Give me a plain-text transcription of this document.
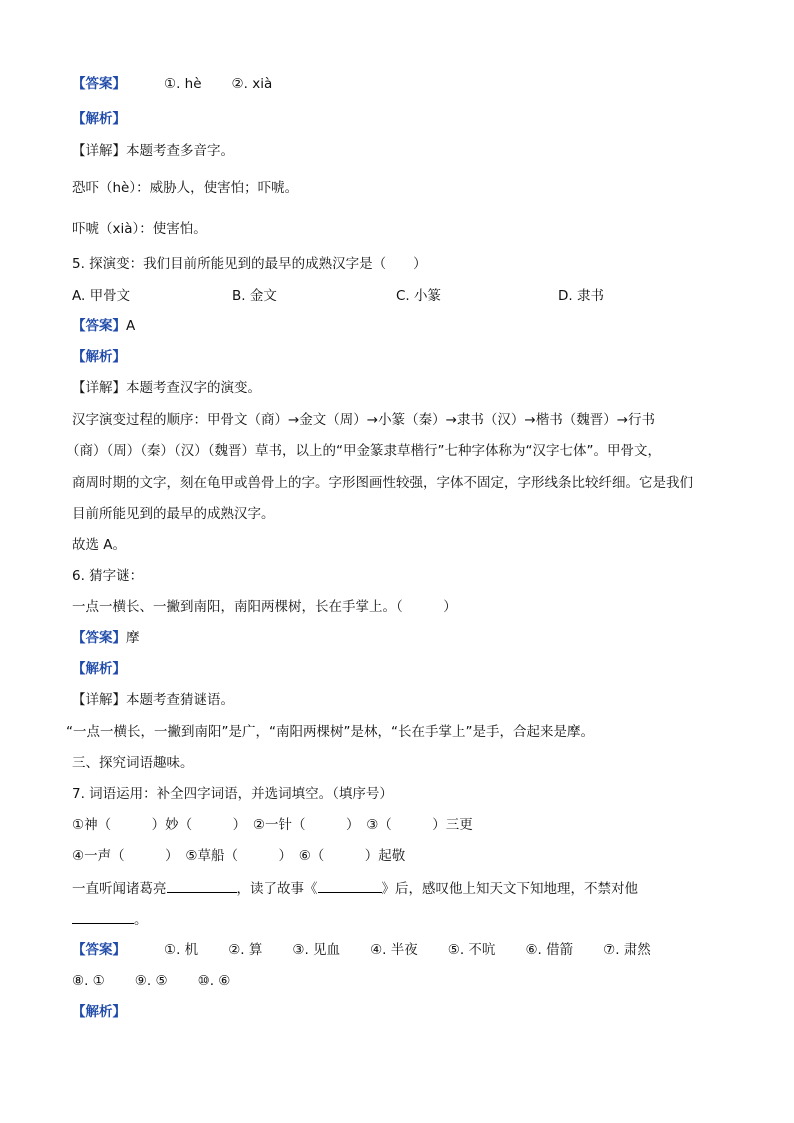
【答案】	①. hè ②. xià
【解析】
【详解】本题考查多音字。
恐吓（hè）：威胁人，使害怕；吓唬。
吓唬（xià）：使害怕。
5. 探演变：我们目前所能见到的最早的成熟汉字是（　　）
A. 甲骨文	B. 金文	C. 小篆	D. 隶书
【答案】A
【解析】
【详解】本题考查汉字的演变。
汉字演变过程的顺序：甲骨文（商）→金文（周）→小篆（秦）→隶书（汉）→楷书（魏晋）→行书
（商）（周）（秦）（汉）（魏晋）草书，以上的“甲金篆隶草楷行”七种字体称为“汉字七体”。甲骨文，
商周时期的文字，刻在龟甲或兽骨上的字。字形图画性较强，字体不固定，字形线条比较纤细。它是我们
目前所能见到的最早的成熟汉字。
故选 A。
6. 猜字谜：
一点一横长、一撇到南阳，南阳两棵树，长在手掌上。（　　　）
【答案】摩
【解析】
【详解】本题考查猜谜语。
“一点一横长，一撇到南阳”是广，“南阳两棵树”是林，“长在手掌上”是手，合起来是摩。
三、探究词语趣味。
7. 词语运用：补全四字词语，并选词填空。（填序号）
①神（　　　）妙（　　　）　②一针（　　　）　③（　　　）三更
④一声（　　　）　⑤草船（　　　）　⑥（　　　）起敬
一直听闻诸葛亮	，读了故事《	》后，感叹他上知天文下知地理，不禁对他
。
【答案】	①. 机 ②. 算 ③. 见血 ④. 半夜 ⑤. 不吭 ⑥. 借箭 ⑦. 肃然
⑧. ① ⑨. ⑤ ⑩. ⑥
【解析】
